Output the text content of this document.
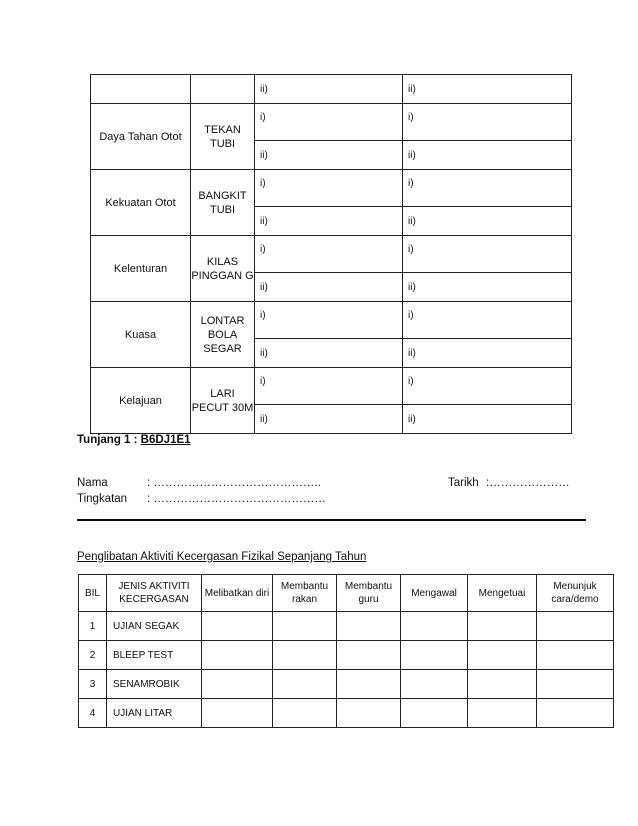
		ii)	ii)
Daya Tahan Otot	TEKAN TUBI	i)	i)
		ii)	ii)
Kekuatan Otot	BANGKIT TUBI	i)	i)
		ii)	ii)
Kelenturan	KILAS PINGGAN G	i)	i)
		ii)	ii)
Kuasa	LONTAR BOLA SEGAR	i)	i)
		ii)	ii)
Kelajuan	LARI PECUT 30M	i)	i)
		ii)	ii)
Tunjang 1 : B6DJ1E1
Nama	: ……………………………………..	Tarikh :…………………
Tingkatan : ………………………………………
Penglibatan Aktiviti Kecergasan Fizikal Sepanjang Tahun
BIL	JENIS AKTIVITI KECERGASAN	Melibatkan diri	Membantu rakan	Membantu guru	Mengawal	Mengetuai	Menunjuk cara/demo
1	UJIAN SEGAK						
2	BLEEP TEST						
3	SENAMROBIK						
4	UJIAN LITAR						
